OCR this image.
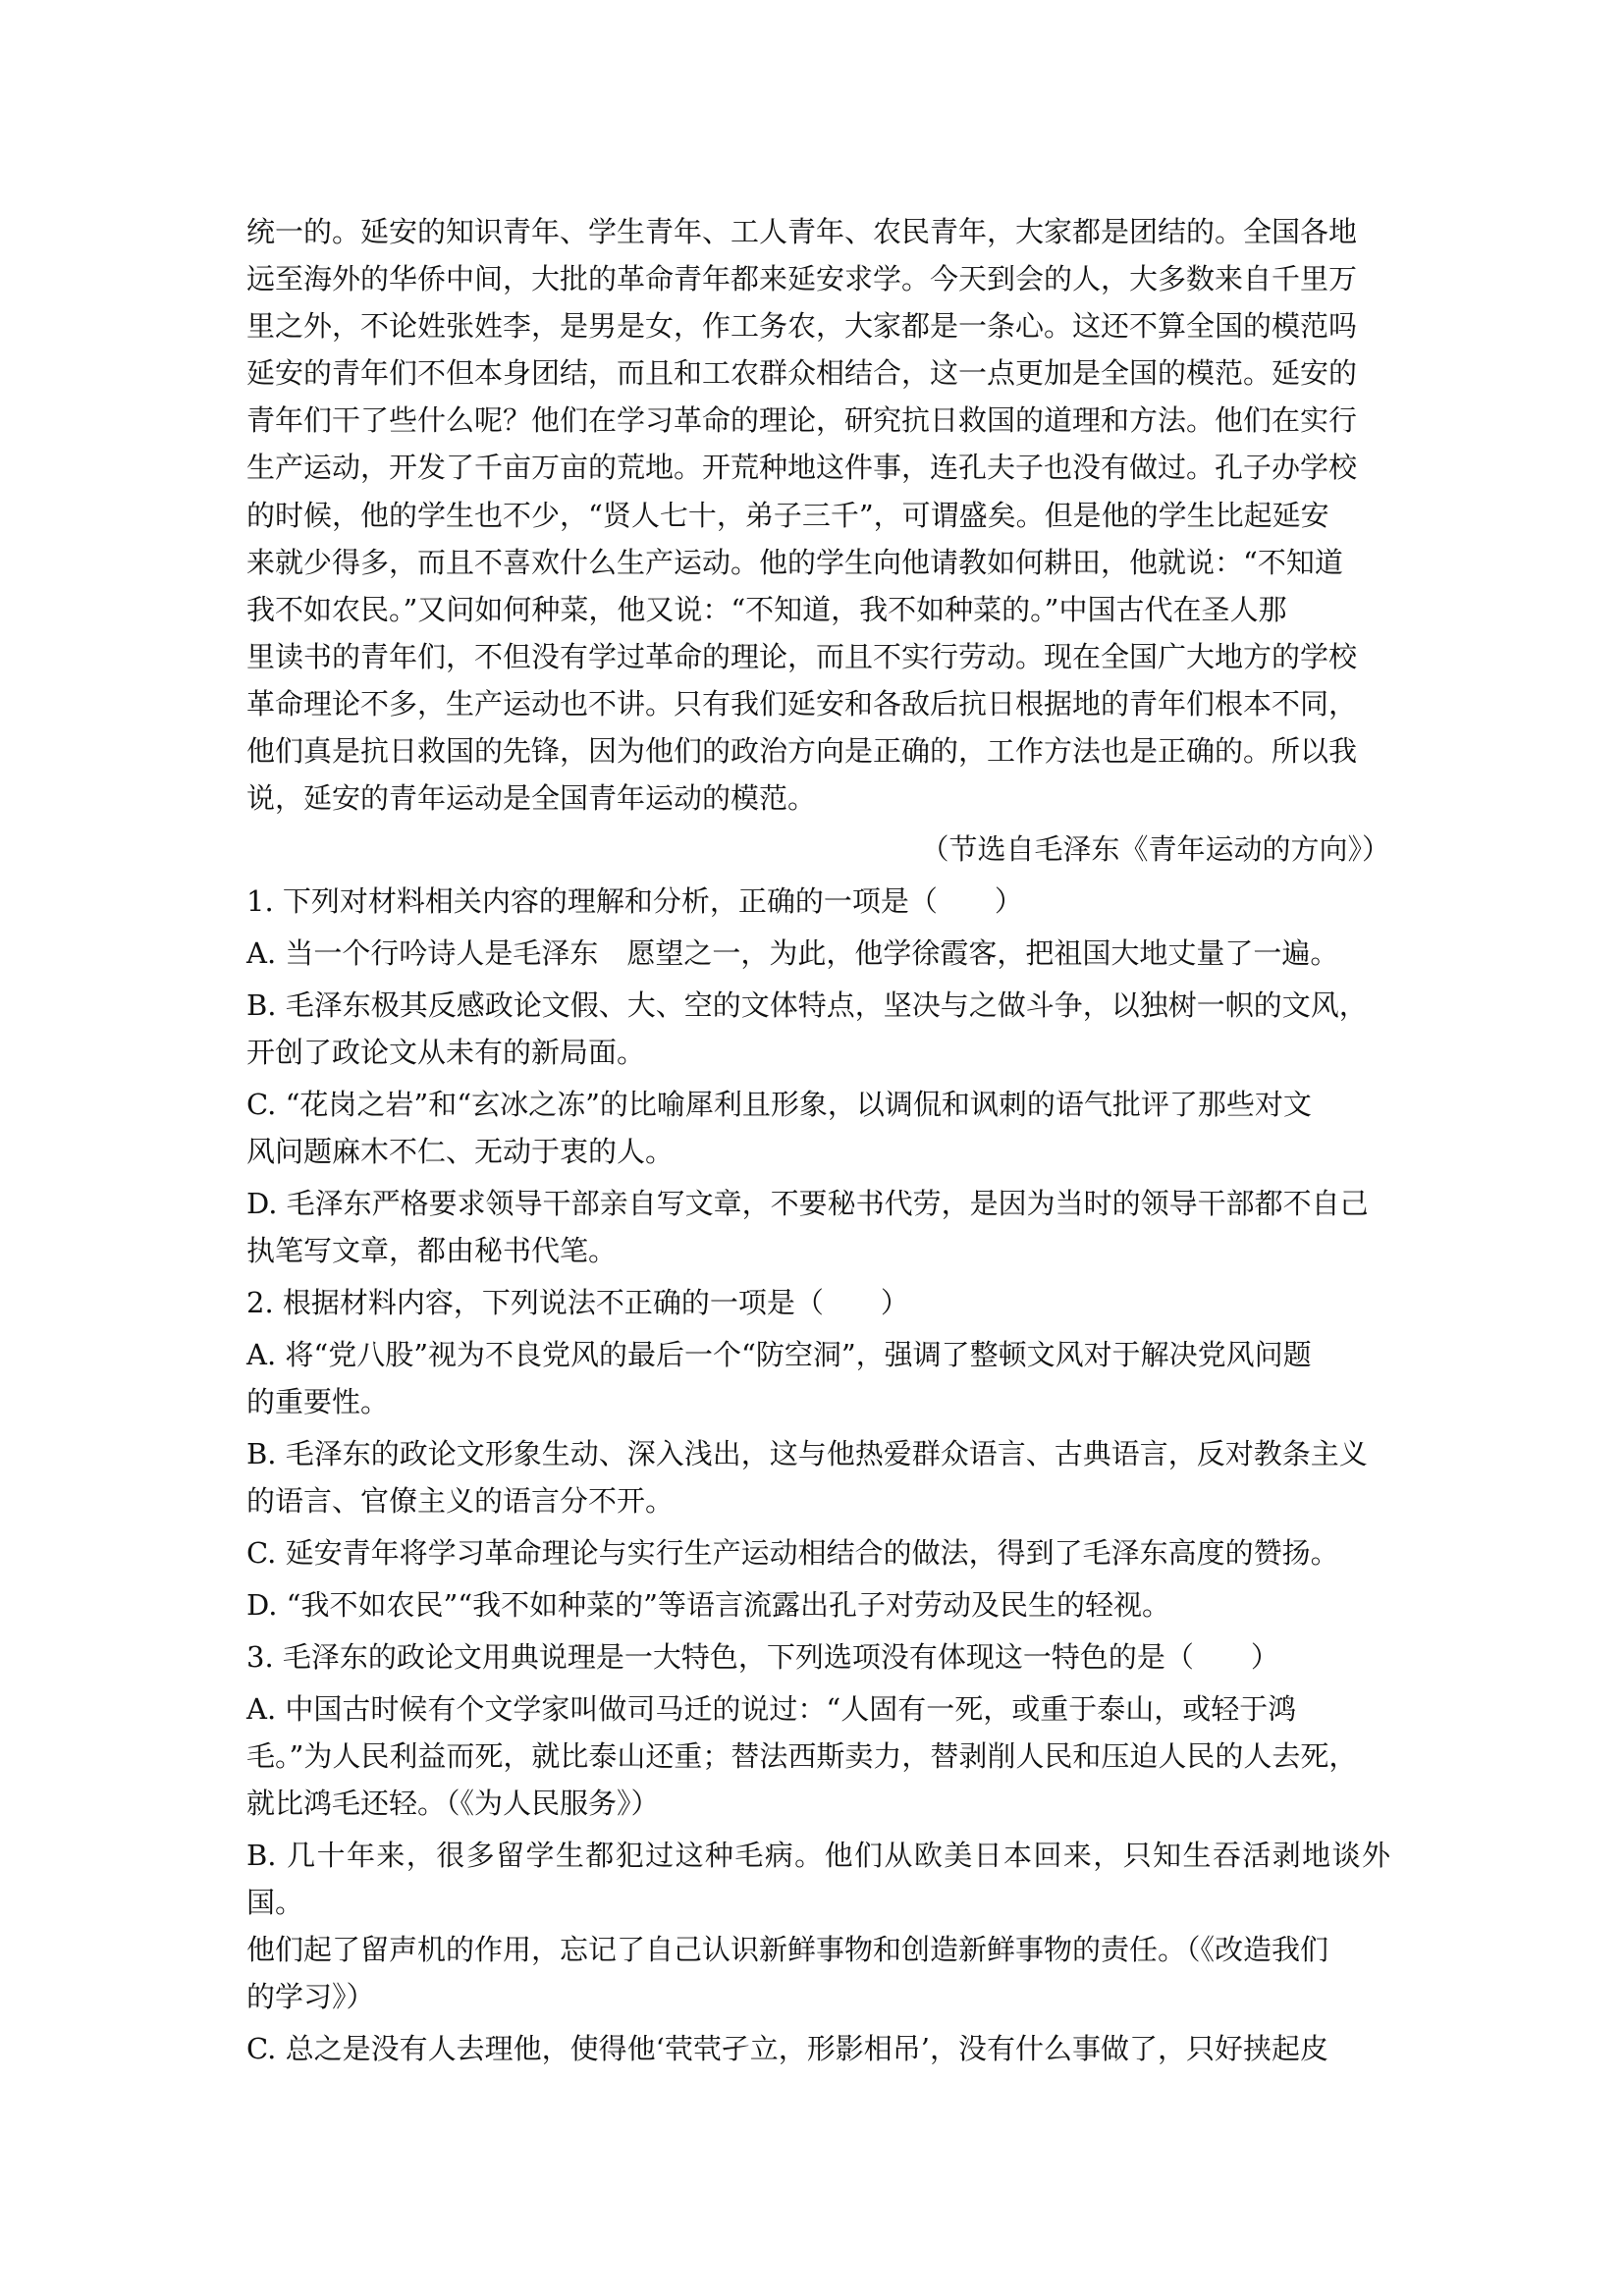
统一的。延安的知识青年、学生青年、工人青年、农民青年，大家都是团结的。全国各地

远至海外的华侨中间，大批的革命青年都来延安求学。今天到会的人，大多数来自千里万

里之外，不论姓张姓李，是男是女，作工务农，大家都是一条心。这还不算全国的模范吗

延安的青年们不但本身团结，而且和工农群众相结合，这一点更加是全国的模范。延安的

青年们干了些什么呢？他们在学习革命的理论，研究抗日救国的道理和方法。他们在实行

生产运动，开发了千亩万亩的荒地。开荒种地这件事，连孔夫子也没有做过。孔子办学校

的时候，他的学生也不少，“贤人七十，弟子三千”，可谓盛矣。但是他的学生比起延安

来就少得多，而且不喜欢什么生产运动。他的学生向他请教如何耕田，他就说：“不知道

我不如农民。”又问如何种菜，他又说：“不知道，我不如种菜的。”中国古代在圣人那

里读书的青年们，不但没有学过革命的理论，而且不实行劳动。现在全国广大地方的学校

革命理论不多，生产运动也不讲。只有我们延安和各敌后抗日根据地的青年们根本不同，

他们真是抗日救国的先锋，因为他们的政治方向是正确的，工作方法也是正确的。所以我

说，延安的青年运动是全国青年运动的模范。

（节选自毛泽东《青年运动的方向》）

1. 下列对材料相关内容的理解和分析，正确的一项是（　　）

A. 当一个行吟诗人是毛泽东　愿望之一，为此，他学徐霞客，把祖国大地丈量了一遍。

B. 毛泽东极其反感政论文假、大、空的文体特点，坚决与之做斗争，以独树一帜的文风，

开创了政论文从未有的新局面。

C. “花岗之岩”和“玄冰之冻”的比喻犀利且形象，以调侃和讽刺的语气批评了那些对文

风问题麻木不仁、无动于衷的人。

D. 毛泽东严格要求领导干部亲自写文章，不要秘书代劳，是因为当时的领导干部都不自己

执笔写文章，都由秘书代笔。

2. 根据材料内容，下列说法不正确的一项是（　　）

A. 将“党八股”视为不良党风的最后一个“防空洞”，强调了整顿文风对于解决党风问题

的重要性。

B. 毛泽东的政论文形象生动、深入浅出，这与他热爱群众语言、古典语言，反对教条主义

的语言、官僚主义的语言分不开。

C. 延安青年将学习革命理论与实行生产运动相结合的做法，得到了毛泽东高度的赞扬。

D. “我不如农民”“我不如种菜的”等语言流露出孔子对劳动及民生的轻视。

3. 毛泽东的政论文用典说理是一大特色，下列选项没有体现这一特色的是（　　）

A. 中国古时候有个文学家叫做司马迁的说过：“人固有一死，或重于泰山，或轻于鸿

毛。”为人民利益而死，就比泰山还重；替法西斯卖力，替剥削人民和压迫人民的人去死，

就比鸿毛还轻。（《为人民服务》）

B. 几十年来，很多留学生都犯过这种毛病。他们从欧美日本回来，只知生吞活剥地谈外国。

他们起了留声机的作用，忘记了自己认识新鲜事物和创造新鲜事物的责任。（《改造我们

的学习》）

C. 总之是没有人去理他，使得他‘茕茕孑立，形影相吊’，没有什么事做了，只好挟起皮
